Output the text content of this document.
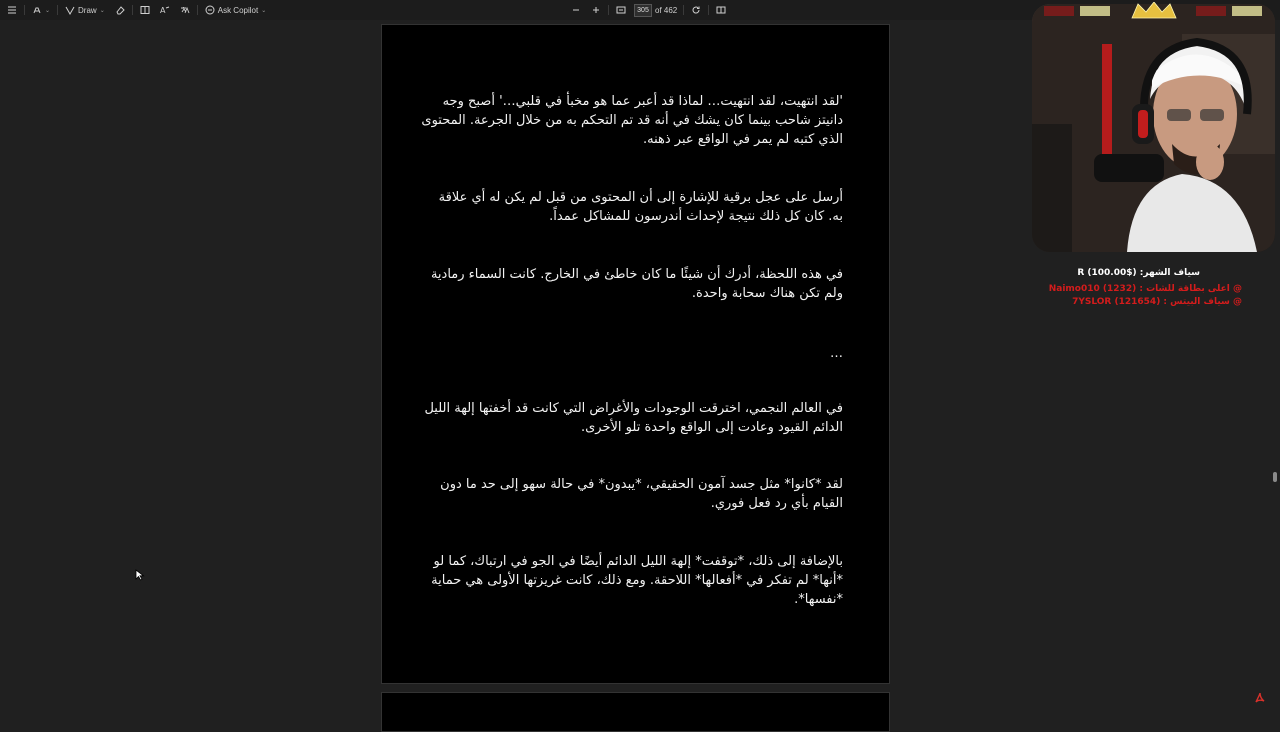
⌄	Draw ⌄	A	Ask Copilot ⌄
305	of 462
'لقد انتهيت، لقد انتهيت… لماذا قد أعبر عما هو مخبأ في قلبي…' أصبح وجه دانيتز شاحب بينما كان يشك في أنه قد تم التحكم به من خلال الجرعة. المحتوى الذي كتبه لم يمر في الواقع عبر ذهنه.
أرسل على عجل برقية للإشارة إلى أن المحتوى من قبل لم يكن له أي علاقة به. كان كل ذلك نتيجة لإحداث أندرسون للمشاكل عمداً.
في هذه اللحظة، أدرك أن شيئًا ما كان خاطئ في الخارج. كانت السماء رمادية ولم تكن هناك سحابة واحدة.
…
في العالم النجمي، اخترقت الوجودات والأغراض التي كانت قد أخفتها إلهة الليل الدائم القيود وعادت إلى الواقع واحدة تلو الأخرى.
لقد *كانوا* مثل جسد آمون الحقيقي، *يبدون* في حالة سهو إلى حد ما دون القيام بأي رد فعل فوري.
بالإضافة إلى ذلك، *توقفت* إلهة الليل الدائم أيضًا في الجو في ارتباك، كما لو *أنها* لم تفكر في *أفعالها* اللاحقة. ومع ذلك، كانت غريزتها الأولى هي حماية *نفسها*.
سياف الشهر: ($100.00) R
@ اعلى بطاقة للشات : (1232) Naimo010
@ سياف البيتس : (121654) 7YSLOR
